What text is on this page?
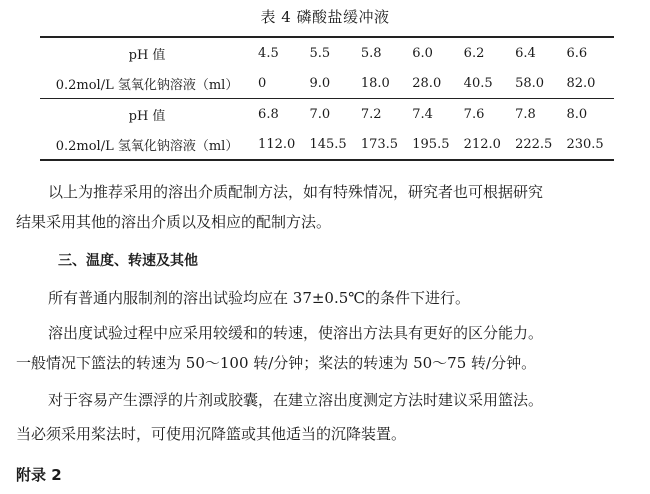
表 4 磷酸盐缓冲液
pH 值	4.5	5.5	5.8	6.0	6.2	6.4	6.6
0.2mol/L 氢氧化钠溶液（ml）	0	9.0	18.0	28.0	40.5	58.0	82.0
pH 值	6.8	7.0	7.2	7.4	7.6	7.8	8.0
0.2mol/L 氢氧化钠溶液（ml）	112.0	145.5	173.5	195.5	212.0	222.5	230.5
以上为推荐采用的溶出介质配制方法，如有特殊情况，研究者也可根据研究
结果采用其他的溶出介质以及相应的配制方法。
三、温度、转速及其他
所有普通内服制剂的溶出试验均应在 37±0.5℃的条件下进行。
溶出度试验过程中应采用较缓和的转速，使溶出方法具有更好的区分能力。
一般情况下篮法的转速为 50～100 转/分钟；桨法的转速为 50～75 转/分钟。
对于容易产生漂浮的片剂或胶囊，在建立溶出度测定方法时建议采用篮法。
当必须采用桨法时，可使用沉降篮或其他适当的沉降装置。
附录 2
